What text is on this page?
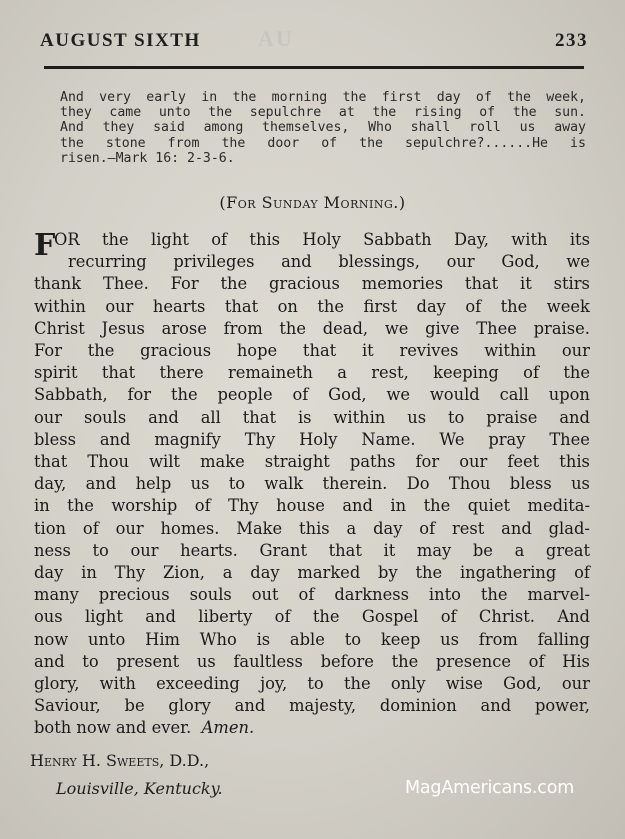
AU

AUGUST SIXTH	233
And very early in the morning the first day of the week,
they came unto the sepulchre at the rising of the sun.
And they said among themselves, Who shall roll us away
the stone from the door of the sepulchre?......He is
risen.—Mark 16: 2-3-6.
(For Sunday Morning.)
F
OR the light of this Holy Sabbath Day, with its
recurring privileges and blessings, our God, we
thank Thee. For the gracious memories that it stirs
within our hearts that on the first day of the week
Christ Jesus arose from the dead, we give Thee praise.
For the gracious hope that it revives within our
spirit that there remaineth a rest, keeping of the
Sabbath, for the people of God, we would call upon
our souls and all that is within us to praise and
bless and magnify Thy Holy Name. We pray Thee
that Thou wilt make straight paths for our feet this
day, and help us to walk therein. Do Thou bless us
in the worship of Thy house and in the quiet medita-
tion of our homes. Make this a day of rest and glad-
ness to our hearts. Grant that it may be a great
day in Thy Zion, a day marked by the ingathering of
many precious souls out of darkness into the marvel-
ous light and liberty of the Gospel of Christ. And
now unto Him Who is able to keep us from falling
and to present us faultless before the presence of His
glory, with exceeding joy, to the only wise God, our
Saviour, be glory and majesty, dominion and power,
both now and ever.
Amen.
Henry H. Sweets, D.D.,
Louisville, Kentucky.	MagAmericans.com
